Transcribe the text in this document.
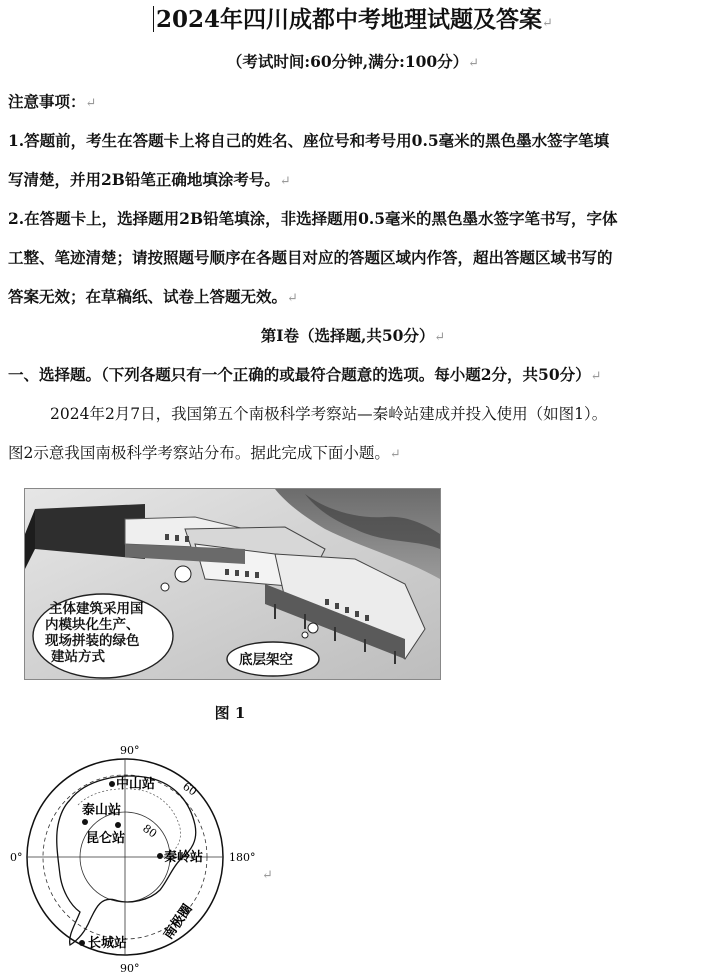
2024年四川成都中考地理试题及答案↵
（考试时间:60分钟,满分:100分）↵
注意事项：↵
1.答题前，考生在答题卡上将自己的姓名、座位号和考号用0.5毫米的黑色墨水签字笔填
写清楚，并用2B铅笔正确地填涂考号。↵
2.在答题卡上，选择题用2B铅笔填涂，非选择题用0.5毫米的黑色墨水签字笔书写，字体
工整、笔迹清楚；请按照题号顺序在各题目对应的答题区域内作答，超出答题区域书写的
答案无效；在草稿纸、试卷上答题无效。↵
第Ⅰ卷（选择题,共50分）↵
一、选择题。（下列各题只有一个正确的或最符合题意的选项。每小题2分，共50分）↵
2024年2月7日，我国第五个南极科学考察站—秦岭站建成并投入使用（如图1）。
图2示意我国南极科学考察站分布。据此完成下面小题。↵
主体建筑采用国
内模块化生产、
现场拼装的绿色
建站方式	底层架空
图 1
中山站
泰山站
昆仑站
秦岭站
长城站
90°
90°
0°	180°
60
80
南极圈
↵
